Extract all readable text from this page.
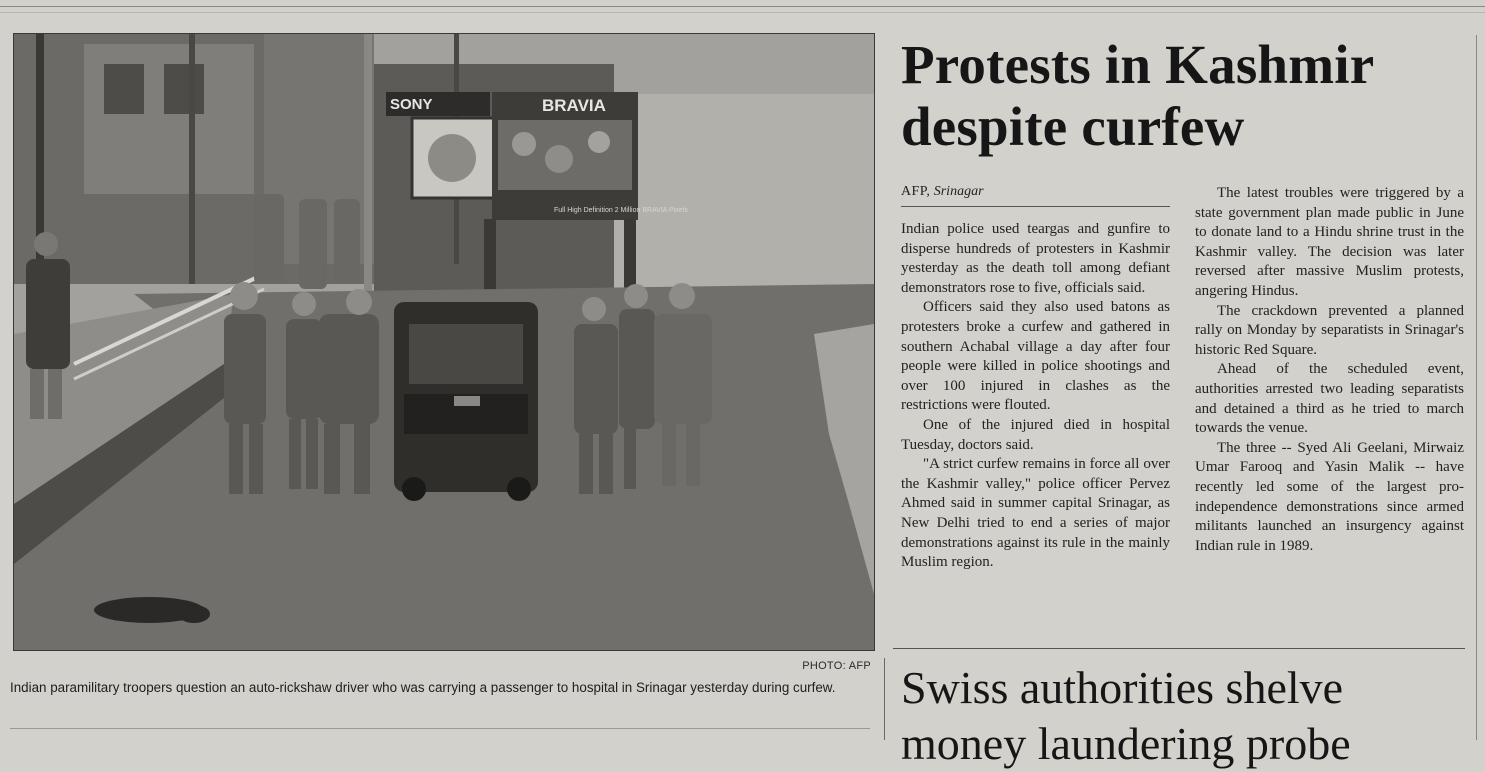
SONY	BRAVIA
Full High Definition 2 Million BRAVIA Pixels
PHOTO: AFP
Indian paramilitary troopers question an auto-rickshaw driver who was carrying a passenger to hospital in Srinagar yesterday during curfew.
Protests in Kashmir despite curfew
AFP, Srinagar

Indian police used teargas and gunfire to disperse hundreds of protesters in Kashmir yesterday as the death toll among defiant demonstrators rose to five, officials said.

Officers said they also used batons as protesters broke a curfew and gathered in southern Achabal village a day after four people were killed in police shootings and over 100 injured in clashes as the restrictions were flouted.

One of the injured died in hospital Tuesday, doctors said.

"A strict curfew remains in force all over the Kashmir valley," police officer Pervez Ahmed said in summer capital Srinagar, as New Delhi tried to end a series of major demonstrations against its rule in the mainly Muslim region.

The latest troubles were triggered by a state government plan made public in June to donate land to a Hindu shrine trust in the Kashmir valley. The decision was later reversed after massive Muslim protests, angering Hindus.

The crackdown prevented a planned rally on Monday by separatists in Srinagar's historic Red Square.

Ahead of the scheduled event, authorities arrested two leading separatists and detained a third as he tried to march towards the venue.

The three -- Syed Ali Geelani, Mirwaiz Umar Farooq and Yasin Malik -- have recently led some of the largest pro-independence demonstrations since armed militants launched an insurgency against Indian rule in 1989.

Swiss authorities shelve
money laundering probe
